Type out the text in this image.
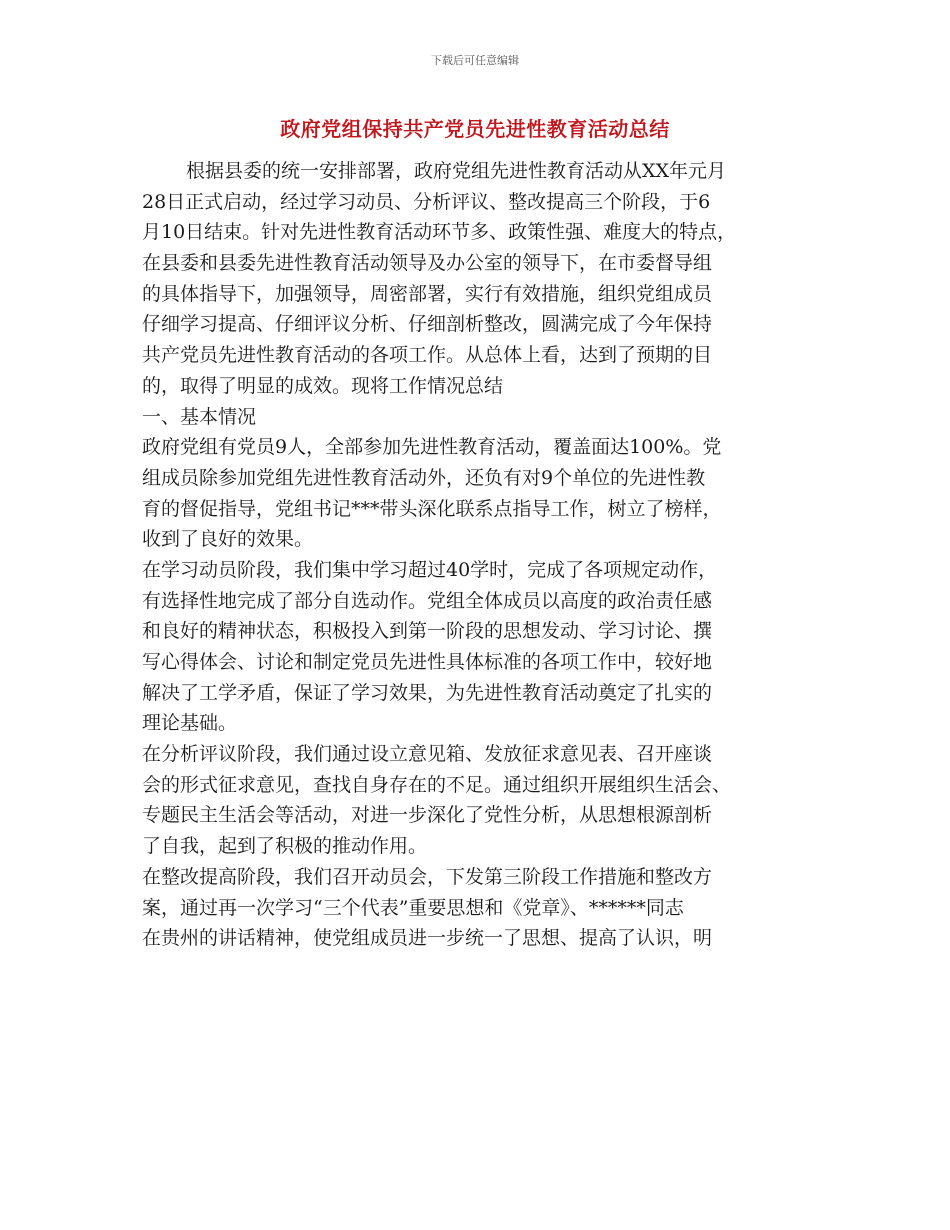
下载后可任意编辑
政府党组保持共产党员先进性教育活动总结
根据县委的统一安排部署，政府党组先进性教育活动从XX年元月
28日正式启动，经过学习动员、分析评议、整改提高三个阶段，于6
月10日结束。针对先进性教育活动环节多、政策性强、难度大的特点，
在县委和县委先进性教育活动领导及办公室的领导下，在市委督导组
的具体指导下，加强领导，周密部署，实行有效措施，组织党组成员
仔细学习提高、仔细评议分析、仔细剖析整改，圆满完成了今年保持
共产党员先进性教育活动的各项工作。从总体上看，达到了预期的目
的，取得了明显的成效。现将工作情况总结
一、基本情况
政府党组有党员9人，全部参加先进性教育活动，覆盖面达100%。党
组成员除参加党组先进性教育活动外，还负有对9个单位的先进性教
育的督促指导，党组书记***带头深化联系点指导工作，树立了榜样，
收到了良好的效果。
在学习动员阶段，我们集中学习超过40学时，完成了各项规定动作，
有选择性地完成了部分自选动作。党组全体成员以高度的政治责任感
和良好的精神状态，积极投入到第一阶段的思想发动、学习讨论、撰
写心得体会、讨论和制定党员先进性具体标准的各项工作中，较好地
解决了工学矛盾，保证了学习效果，为先进性教育活动奠定了扎实的
理论基础。
在分析评议阶段，我们通过设立意见箱、发放征求意见表、召开座谈
会的形式征求意见，查找自身存在的不足。通过组织开展组织生活会、
专题民主生活会等活动，对进一步深化了党性分析，从思想根源剖析
了自我，起到了积极的推动作用。
在整改提高阶段，我们召开动员会，下发第三阶段工作措施和整改方
案，通过再一次学习“三个代表”重要思想和《党章》、******同志
在贵州的讲话精神，使党组成员进一步统一了思想、提高了认识，明
